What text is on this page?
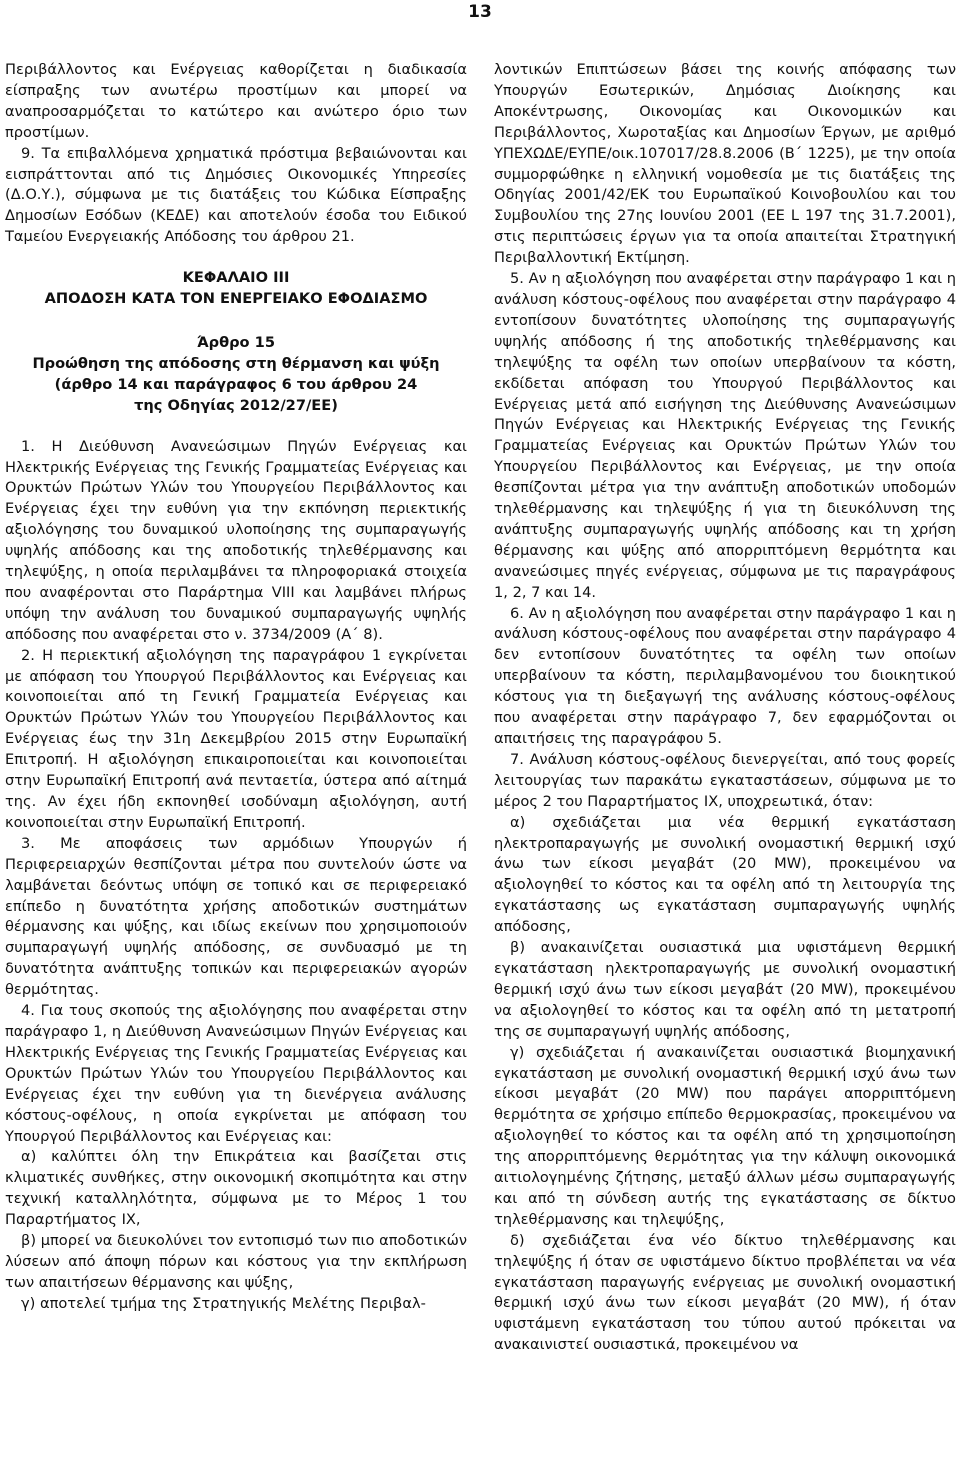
13

Περιβάλλοντος και Ενέργειας καθορίζεται η διαδικασία είσπραξης των ανωτέρω προστίμων και μπορεί να αναπροσαρμόζεται το κατώτερο και ανώτερο όριο των προστίμων.

9. Τα επιβαλλόμενα χρηματικά πρόστιμα βεβαιώνονται και εισπράττονται από τις Δημόσιες Οικονομικές Υπηρεσίες (Δ.Ο.Υ.), σύμφωνα με τις διατάξεις του Κώδικα Είσπραξης Δημοσίων Εσόδων (ΚΕΔΕ) και αποτελούν έσοδα του Ειδικού Ταμείου Ενεργειακής Απόδοσης του άρθρου 21.

ΚΕΦΑΛΑΙΟ ΙΙΙ
ΑΠΟΔΟΣΗ ΚΑΤΑ ΤΟΝ ΕΝΕΡΓΕΙΑΚΟ ΕΦΟΔΙΑΣΜΟ
Άρθρο 15
Προώθηση της απόδοσης στη θέρμανση και ψύξη
(άρθρο 14 και παράγραφος 6 του άρθρου 24
της Οδηγίας 2012/27/ΕΕ)

1. Η Διεύθυνση Ανανεώσιμων Πηγών Ενέργειας και Ηλεκτρικής Ενέργειας της Γενικής Γραμματείας Ενέργειας και Ορυκτών Πρώτων Υλών του Υπουργείου Περιβάλλοντος και Ενέργειας έχει την ευθύνη για την εκπόνηση περιεκτικής αξιολόγησης του δυναμικού υλοποίησης της συμπαραγωγής υψηλής απόδοσης και της αποδοτικής τηλεθέρμανσης και τηλεψύξης, η οποία περιλαμβάνει τα πληροφοριακά στοιχεία που αναφέρονται στο Παράρτημα VIII και λαμβάνει πλήρως υπόψη την ανάλυση του δυναμικού συμπαραγωγής υψηλής απόδοσης που αναφέρεται στο ν. 3734/2009 (Α΄ 8).

2. Η περιεκτική αξιολόγηση της παραγράφου 1 εγκρίνεται με απόφαση του Υπουργού Περιβάλλοντος και Ενέργειας και κοινοποιείται από τη Γενική Γραμματεία Ενέργειας και Ορυκτών Πρώτων Υλών του Υπουργείου Περιβάλλοντος και Ενέργειας έως την 31η Δεκεμβρίου 2015 στην Ευρωπαϊκή Επιτροπή. Η αξιολόγηση επικαιροποιείται και κοινοποιείται στην Ευρωπαϊκή Επιτροπή ανά πενταετία, ύστερα από αίτημά της. Αν έχει ήδη εκπονηθεί ισοδύναμη αξιολόγηση, αυτή κοινοποιείται στην Ευρωπαϊκή Επιτροπή.

3. Με αποφάσεις των αρμόδιων Υπουργών ή Περιφερειαρχών θεσπίζονται μέτρα που συντελούν ώστε να λαμβάνεται δεόντως υπόψη σε τοπικό και σε περιφερειακό επίπεδο η δυνατότητα χρήσης αποδοτικών συστημάτων θέρμανσης και ψύξης, και ιδίως εκείνων που χρησιμοποιούν συμπαραγωγή υψηλής απόδοσης, σε συνδυασμό με τη δυνατότητα ανάπτυξης τοπικών και περιφερειακών αγορών θερμότητας.

4. Για τους σκοπούς της αξιολόγησης που αναφέρεται στην παράγραφο 1, η Διεύθυνση Ανανεώσιμων Πηγών Ενέργειας και Ηλεκτρικής Ενέργειας της Γενικής Γραμματείας Ενέργειας και Ορυκτών Πρώτων Υλών του Υπουργείου Περιβάλλοντος και Ενέργειας έχει την ευθύνη για τη διενέργεια ανάλυσης κόστους-οφέλους, η οποία εγκρίνεται με απόφαση του Υπουργού Περιβάλλοντος και Ενέργειας και:

α) καλύπτει όλη την Επικράτεια και βασίζεται στις κλιματικές συνθήκες, στην οικονομική σκοπιμότητα και στην τεχνική καταλληλότητα, σύμφωνα με το Μέρος 1 του Παραρτήματος IX,

β) μπορεί να διευκολύνει τον εντοπισμό των πιο αποδοτικών λύσεων από άποψη πόρων και κόστους για την εκπλήρωση των απαιτήσεων θέρμανσης και ψύξης,

γ) αποτελεί τμήμα της Στρατηγικής Μελέτης Περιβαλ-

λοντικών Επιπτώσεων βάσει της κοινής απόφασης των Υπουργών Εσωτερικών, Δημόσιας Διοίκησης και Αποκέντρωσης, Οικονομίας και Οικονομικών και Περιβάλλοντος, Χωροταξίας και Δημοσίων Έργων, με αριθμό ΥΠΕΧΩΔΕ/ΕΥΠΕ/οικ.107017/28.8.2006 (Β΄ 1225), με την οποία συμμορφώθηκε η ελληνική νομοθεσία με τις διατάξεις της Οδηγίας 2001/42/ΕΚ του Ευρωπαϊκού Κοινοβουλίου και του Συμβουλίου της 27ης Ιουνίου 2001 (ΕΕ L 197 της 31.7.2001), στις περιπτώσεις έργων για τα οποία απαιτείται Στρατηγική Περιβαλλοντική Εκτίμηση.

5. Αν η αξιολόγηση που αναφέρεται στην παράγραφο 1 και η ανάλυση κόστους-οφέλους που αναφέρεται στην παράγραφο 4 εντοπίσουν δυνατότητες υλοποίησης της συμπαραγωγής υψηλής απόδοσης ή της αποδοτικής τηλεθέρμανσης και τηλεψύξης τα οφέλη των οποίων υπερβαίνουν τα κόστη, εκδίδεται απόφαση του Υπουργού Περιβάλλοντος και Ενέργειας μετά από εισήγηση της Διεύθυνσης Ανανεώσιμων Πηγών Ενέργειας και Ηλεκτρικής Ενέργειας της Γενικής Γραμματείας Ενέργειας και Ορυκτών Πρώτων Υλών του Υπουργείου Περιβάλλοντος και Ενέργειας, με την οποία θεσπίζονται μέτρα για την ανάπτυξη αποδοτικών υποδομών τηλεθέρμανσης και τηλεψύξης ή για τη διευκόλυνση της ανάπτυξης συμπαραγωγής υψηλής απόδοσης και τη χρήση θέρμανσης και ψύξης από απορριπτόμενη θερμότητα και ανανεώσιμες πηγές ενέργειας, σύμφωνα με τις παραγράφους 1, 2, 7 και 14.

6. Αν η αξιολόγηση που αναφέρεται στην παράγραφο 1 και η ανάλυση κόστους-οφέλους που αναφέρεται στην παράγραφο 4 δεν εντοπίσουν δυνατότητες τα οφέλη των οποίων υπερβαίνουν τα κόστη, περιλαμβανομένου του διοικητικού κόστους για τη διεξαγωγή της ανάλυσης κόστους-οφέλους που αναφέρεται στην παράγραφο 7, δεν εφαρμόζονται οι απαιτήσεις της παραγράφου 5.

7. Ανάλυση κόστους-οφέλους διενεργείται, από τους φορείς λειτουργίας των παρακάτω εγκαταστάσεων, σύμφωνα με το μέρος 2 του Παραρτήματος IX, υποχρεωτικά, όταν:

α) σχεδιάζεται μια νέα θερμική εγκατάσταση ηλεκτροπαραγωγής με συνολική ονομαστική θερμική ισχύ άνω των είκοσι μεγαβάτ (20 MW), προκειμένου να αξιολογηθεί το κόστος και τα οφέλη από τη λειτουργία της εγκατάστασης ως εγκατάσταση συμπαραγωγής υψηλής απόδοσης,

β) ανακαινίζεται ουσιαστικά μια υφιστάμενη θερμική εγκατάσταση ηλεκτροπαραγωγής με συνολική ονομαστική θερμική ισχύ άνω των είκοσι μεγαβάτ (20 MW), προκειμένου να αξιολογηθεί το κόστος και τα οφέλη από τη μετατροπή της σε συμπαραγωγή υψηλής απόδοσης,

γ) σχεδιάζεται ή ανακαινίζεται ουσιαστικά βιομηχανική εγκατάσταση με συνολική ονομαστική θερμική ισχύ άνω των είκοσι μεγαβάτ (20 MW) που παράγει απορριπτόμενη θερμότητα σε χρήσιμο επίπεδο θερμοκρασίας, προκειμένου να αξιολογηθεί το κόστος και τα οφέλη από τη χρησιμοποίηση της απορριπτόμενης θερμότητας για την κάλυψη οικονομικά αιτιολογημένης ζήτησης, μεταξύ άλλων μέσω συμπαραγωγής και από τη σύνδεση αυτής της εγκατάστασης σε δίκτυο τηλεθέρμανσης και τηλεψύξης,

δ) σχεδιάζεται ένα νέο δίκτυο τηλεθέρμανσης και τηλεψύξης ή όταν σε υφιστάμενο δίκτυο προβλέπεται να νέα εγκατάσταση παραγωγής ενέργειας με συνολική ονομαστική θερμική ισχύ άνω των είκοσι μεγαβάτ (20 MW), ή όταν υφιστάμενη εγκατάσταση του τύπου αυτού πρόκειται να ανακαινιστεί ουσιαστικά, προκειμένου να
